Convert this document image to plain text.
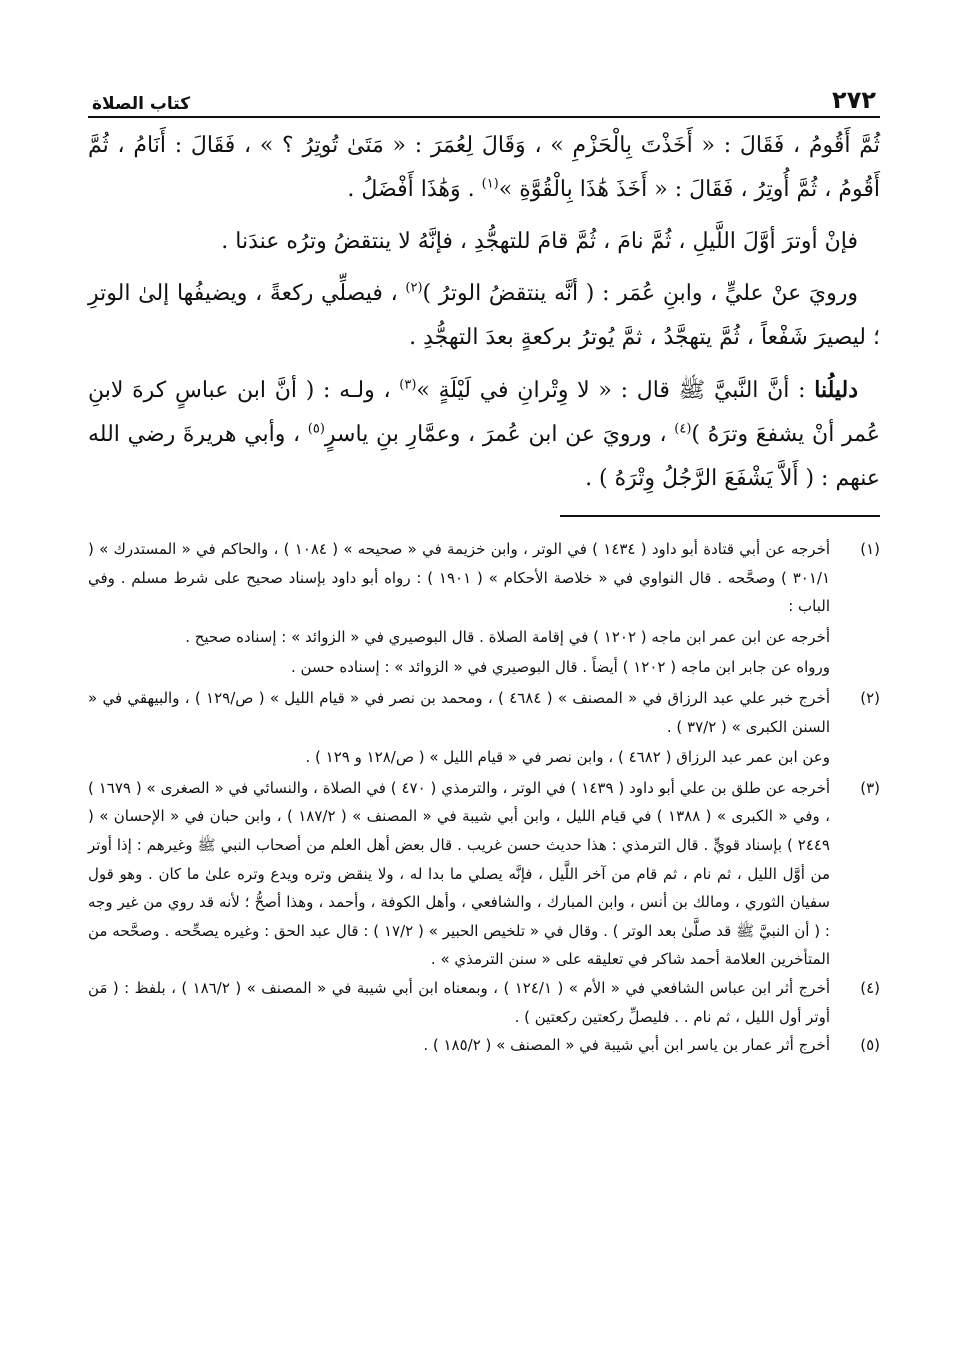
٢٧٢
كتاب الصلاة

ثُمَّ أَقُومُ ، فَقَالَ : « أَخَذْتَ بِالْحَزْمِ » ، وَقَالَ لِعُمَرَ : « مَتَىٰ تُوتِرُ ؟ » ، فَقَالَ : أَنَامُ ، ثُمَّ أَقُومُ ، ثُمَّ أُوتِرُ ، فَقَالَ : « أَخَذَ هَٰذَا بِالْقُوَّةِ »$^{(١)}$ . وَهَٰذَا أَفْضَلُ .

فإنْ أوترَ أوَّلَ اللَّيلِ ، ثُمَّ نامَ ، ثُمَّ قامَ للتهجُّدِ ، فإنَّهُ لا ينتقضُ وترُه عندَنا .

ورويَ عنْ عليٍّ ، وابنِ عُمَر : ( أنَّه ينتقضُ الوترُ )$^{(٢)}$ ، فيصلِّي ركعةً ، ويضيفُها إلىٰ الوترِ ؛ ليصيرَ شَفْعاً ، ثُمَّ يتهجَّدُ ، ثمَّ يُوترُ بركعةٍ بعدَ التهجُّدِ .

دليلُنا : أنَّ النَّبيَّ ﷺ قال : « لا وِتْرانِ في لَيْلَةٍ »$^{(٣)}$ ، ولـه : ( أنَّ ابن عباسٍ كرهَ لابنِ عُمر أنْ يشفعَ وترَهُ )$^{(٤)}$ ، ورويَ عن ابن عُمرَ ، وعمَّارِ بنِ ياسرٍ$^{(٥)}$ ، وأبي هريرةَ رضي الله عنهم : ( أَلاَّ يَشْفَعَ الرَّجُلُ وِتْرَهُ ) .

(١)
أخرجه عن أبي قتادة أبو داود ( ١٤٣٤ ) في الوتر ، وابن خزيمة في « صحيحه » ( ١٠٨٤ ) ، والحاكم في « المستدرك » ( ٣٠١/١ ) وصحَّحه . قال النواوي في « خلاصة الأحكام » ( ١٩٠١ ) : رواه أبو داود بإسناد صحيح على شرط مسلم . وفي الباب :
أخرجه عن ابن عمر ابن ماجه ( ١٢٠٢ ) في إقامة الصلاة . قال البوصيري في « الزوائد » : إسناده صحيح .
ورواه عن جابر ابن ماجه ( ١٢٠٢ ) أيضاً . قال البوصيري في « الزوائد » : إسناده حسن .
(٢)
أخرج خبر علي عبد الرزاق في « المصنف » ( ٤٦٨٤ ) ، ومحمد بن نصر في « قيام الليل » ( ص/١٢٩ ) ، والبيهقي في « السنن الكبرى » ( ٣٧/٢ ) .
وعن ابن عمر عبد الرزاق ( ٤٦٨٢ ) ، وابن نصر في « قيام الليل » ( ص/١٢٨ و ١٢٩ ) .
(٣)
أخرجه عن طلق بن علي أبو داود ( ١٤٣٩ ) في الوتر ، والترمذي ( ٤٧٠ ) في الصلاة ، والنسائي في « الصغرى » ( ١٦٧٩ ) ، وفي « الكبرى » ( ١٣٨٨ ) في قيام الليل ، وابن أبي شيبة في « المصنف » ( ١٨٧/٢ ) ، وابن حبان في « الإحسان » ( ٢٤٤٩ ) بإسناد قويٍّ . قال الترمذي : هذا حديث حسن غريب . قال بعض أهل العلم من أصحاب النبي ﷺ وغيرهم : إذا أوتر من أوَّل الليل ، ثم نام ، ثم قام من آخر اللَّيل ، فإنَّه يصلي ما بدا له ، ولا ينقض وتره ويدع وتره علىٰ ما كان . وهو قول سفيان الثوري ، ومالك بن أنس ، وابن المبارك ، والشافعي ، وأهل الكوفة ، وأحمد ، وهذا أصحُّ ؛ لأنه قد روي من غير وجه : ( أن النبيَّ ﷺ قد صلَّىٰ بعد الوتر ) . وقال في « تلخيص الحبير » ( ١٧/٢ ) : قال عبد الحق : وغيره يصحِّحه . وصحَّحه من المتأخرين العلامة أحمد شاكر في تعليقه على « سنن الترمذي » .
(٤)
أخرج أثر ابن عباس الشافعي في « الأم » ( ١٢٤/١ ) ، وبمعناه ابن أبي شيبة في « المصنف » ( ١٨٦/٢ ) ، بلفظ : ( مَن أوتر أول الليل ، ثم نام . . فليصلِّ ركعتين ركعتين ) .
(٥)
أخرج أثر عمار بن ياسر ابن أبي شيبة في « المصنف » ( ١٨٥/٢ ) .
